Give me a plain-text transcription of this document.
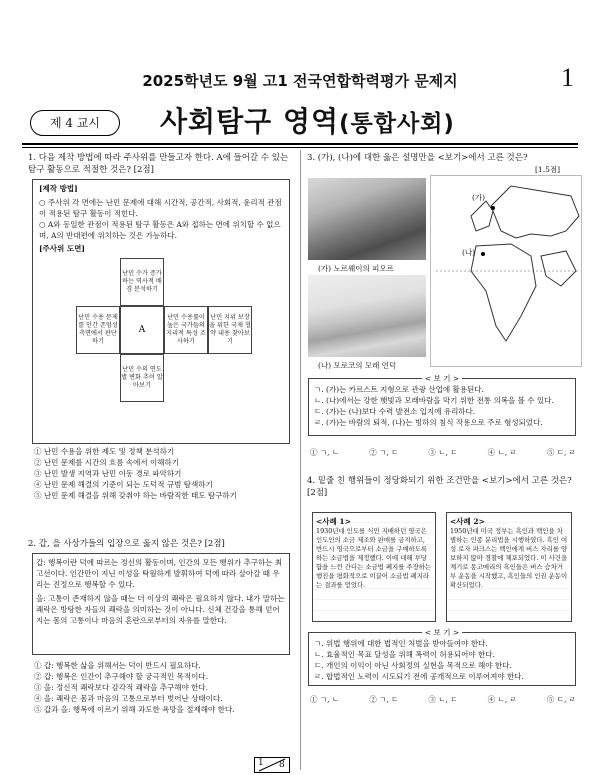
2025학년도 9월 고1 전국연합학력평가 문제지	1
제 4 교시	사회탐구 영역(통합사회)
1. 다음 제작 방법에 따라 주사위를 만들고자 한다. A에 들어갈 수 있는 탐구 활동으로 적절한 것은? [2점]
[제작 방법]
○ 주사위 각 면에는 난민 문제에 대해 시간적, 공간적, 사회적, 윤리적 관점이 적용된 탐구 활동이 적힌다.
○ A와 동일한 관점이 적용된 탐구 활동은 A와 접하는 면에 위치할 수 없으며, A의 반대편에 위치하는 것은 가능하다.
[주사위 도면]
난민 수가 증가하는 역사적 배경 분석하기
난민 수용 문제를 인간 존엄성 측면에서 판단하기
A
난민 수용률이 높은 국가들의 지리적 특성 조사하기
난민 지위 보장을 위한 국제 협약 내용 찾아보기
난민 수의 연도별 변화 추이 알아보기
① 난민 수용을 위한 제도 및 정책 분석하기
② 난민 문제를 시간의 흐름 속에서 이해하기
③ 난민 발생 지역과 난민 이동 경로 파악하기
④ 난민 문제 해결의 기준이 되는 도덕적 규범 탐색하기
⑤ 난민 문제 해결을 위해 갖춰야 하는 바람직한 태도 탐구하기
2. 갑, 을 사상가들의 입장으로 옳지 않은 것은? [2점]
갑: 행복이란 덕에 따르는 정신의 활동이며, 인간의 모든 행위가 추구하는 최고선이다. 인간만이 지닌 이성을 탁월하게 발휘하여 덕에 따라 살아갈 때 우리는 진정으로 행복할 수 있다.
을: 고통이 존재하지 않을 때는 더 이상의 쾌락은 필요하지 않다. 내가 말하는 쾌락은 방탕한 자들의 쾌락을 의미하는 것이 아니다. 신체 건강을 통해 얻어지는 몸의 고통이나 마음의 혼란으로부터의 자유를 말한다.
① 갑: 행복한 삶을 위해서는 덕이 반드시 필요하다.
② 갑: 행복은 인간이 추구해야 할 궁극적인 목적이다.
③ 을: 정신적 쾌락보다 감각적 쾌락을 추구해야 한다.
④ 을: 쾌락은 몸과 마음의 고통으로부터 벗어난 상태이다.
⑤ 갑과 을: 행복에 이르기 위해 과도한 욕망을 절제해야 한다.
3. (가), (나)에 대한 옳은 설명만을 <보기>에서 고른 것은?
[1.5점]
(가) 노르웨이의 피오르
(나) 모로코의 모래 언덕
(가)
(나)
< 보 기 >
ㄱ. (가)는 카르스트 지형으로 관광 산업에 활용된다.
ㄴ. (나)에서는 강한 햇빛과 모래바람을 막기 위한 전통 의복을 볼 수 있다.
ㄷ. (가)는 (나)보다 수력 발전소 입지에 유리하다.
ㄹ. (가)는 바람의 퇴적, (나)는 빙하의 침식 작용으로 주로 형성되었다.
① ㄱ, ㄴ	② ㄱ, ㄷ	③ ㄴ, ㄷ	④ ㄴ, ㄹ	⑤ ㄷ, ㄹ
4. 밑줄 친 행위들이 정당화되기 위한 조건만을 <보기>에서 고른 것은? [2점]
<사례 1>
1930년대 인도를 식민 지배하던 영국은 인도인의 소금 제조와 판매를 금지하고, 반드시 영국으로부터 소금을 구매하도록 하는 소금법을 제정했다. 이에 대해 부당함을 느낀 간디는 소금법 폐지를 주장하는 행진을 평화적으로 이끌어 소금법 폐지라는 결과를 얻었다.
<사례 2>
1950년대 미국 정부는 흑인과 백인을 차별하는 인종 분리법을 시행하였다. 흑인 여성 로자 파크스는 백인에게 버스 자리를 양보하지 않아 경찰에 체포되었다. 이 사건을 계기로 몽고메리의 흑인들은 버스 승차거부 운동을 시작했고, 흑인들의 인권 운동이 확산되었다.
< 보 기 >
ㄱ. 위법 행위에 대한 법적인 처벌을 받아들여야 한다.
ㄴ. 효율적인 목표 달성을 위해 폭력이 허용되어야 한다.
ㄷ. 개인의 이익이 아닌 사회정의 실현을 목적으로 해야 한다.
ㄹ. 합법적인 노력이 시도되기 전에 공개적으로 이루어져야 한다.
① ㄱ, ㄴ	② ㄱ, ㄷ	③ ㄴ, ㄷ	④ ㄴ, ㄹ	⑤ ㄷ, ㄹ
1 8
